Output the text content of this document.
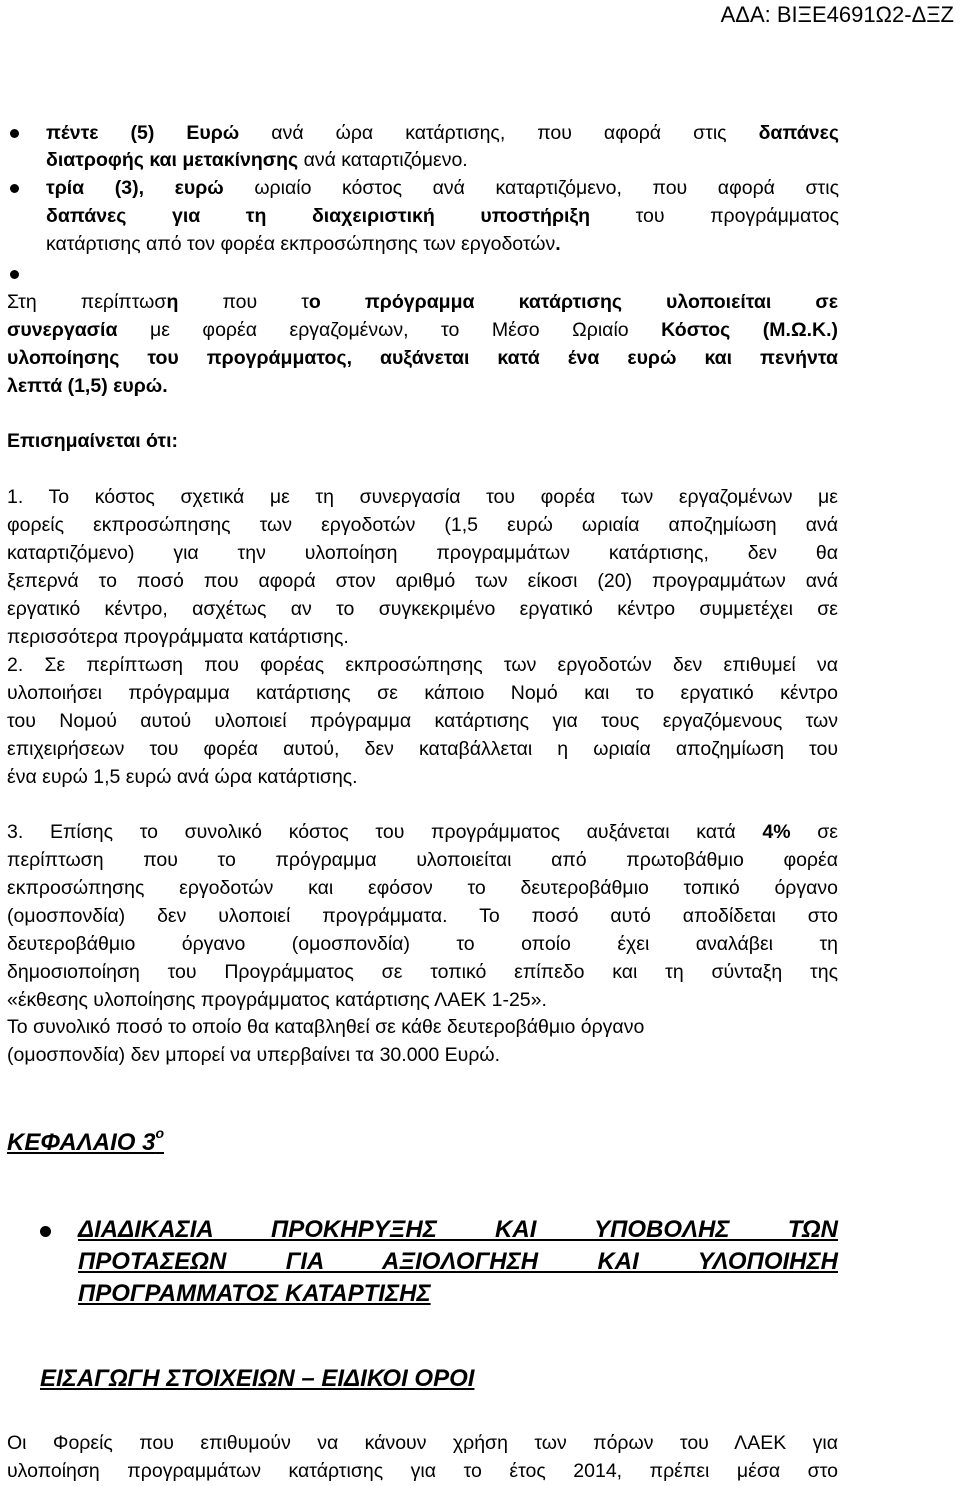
ΑΔΑ: ΒΙΞΕ4691Ω2-ΔΞΖ
πέντε (5) Ευρώ ανά ώρα κατάρτισης, που αφορά στις δαπάνες
διατροφής και μετακίνησης ανά καταρτιζόμενο.
τρία (3), ευρώ ωριαίο κόστος ανά καταρτιζόμενο, που αφορά στις
δαπάνες για τη διαχειριστική υποστήριξη του προγράμματος
κατάρτισης από τον φορέα εκπροσώπησης των εργοδοτών.
Στη περίπτωση που το πρόγραμμα κατάρτισης υλοποιείται σε
συνεργασία με φορέα εργαζομένων, το Μέσο Ωριαίο Κόστος (Μ.Ω.Κ.)
υλοποίησης του προγράμματος, αυξάνεται κατά ένα ευρώ και πενήντα
λεπτά (1,5) ευρώ.
Επισημαίνεται ότι:
1. Το κόστος σχετικά με τη συνεργασία του φορέα των εργαζομένων με
φορείς εκπροσώπησης των εργοδοτών (1,5 ευρώ ωριαία αποζημίωση ανά
καταρτιζόμενο) για την υλοποίηση προγραμμάτων κατάρτισης, δεν θα
ξεπερνά το ποσό που αφορά στον αριθμό των είκοσι (20) προγραμμάτων ανά
εργατικό κέντρο, ασχέτως αν το συγκεκριμένο εργατικό κέντρο συμμετέχει σε
περισσότερα προγράμματα κατάρτισης.
2. Σε περίπτωση που φορέας εκπροσώπησης των εργοδοτών δεν επιθυμεί να
υλοποιήσει πρόγραμμα κατάρτισης σε κάποιο Νομό και το εργατικό κέντρο
του Νομού αυτού υλοποιεί πρόγραμμα κατάρτισης για τους εργαζόμενους των
επιχειρήσεων του φορέα αυτού, δεν καταβάλλεται η ωριαία αποζημίωση του
ένα ευρώ 1,5 ευρώ ανά ώρα κατάρτισης.
3. Επίσης το συνολικό κόστος του προγράμματος αυξάνεται κατά 4% σε
περίπτωση που το πρόγραμμα υλοποιείται από πρωτοβάθμιο φορέα
εκπροσώπησης εργοδοτών και εφόσον το δευτεροβάθμιο τοπικό όργανο
(ομοσπονδία) δεν υλοποιεί προγράμματα. Το ποσό αυτό αποδίδεται στο
δευτεροβάθμιο όργανο (ομοσπονδία) το οποίο έχει αναλάβει τη
δημοσιοποίηση του Προγράμματος σε τοπικό επίπεδο και τη σύνταξη της
«έκθεσης υλοποίησης προγράμματος κατάρτισης ΛΑΕΚ 1-25».
Το συνολικό ποσό το οποίο θα καταβληθεί σε κάθε δευτεροβάθμιο όργανο
(ομοσπονδία) δεν μπορεί να υπερβαίνει τα 30.000 Ευρώ.
ΚΕΦΑΛΑΙΟ $3^o$
ΔΙΑΔΙΚΑΣΙΑ ΠΡΟΚΗΡΥΞΗΣ ΚΑΙ ΥΠΟΒΟΛΗΣ ΤΩΝ
ΠΡΟΤΑΣΕΩΝ ΓΙΑ ΑΞΙΟΛΟΓΗΣΗ ΚΑΙ ΥΛΟΠΟΙΗΣΗ
ΠΡΟΓΡΑΜΜΑΤΟΣ ΚΑΤΑΡΤΙΣΗΣ
ΕΙΣΑΓΩΓΗ ΣΤΟΙΧΕΙΩΝ – ΕΙΔΙΚΟΙ ΟΡΟΙ
Οι Φορείς που επιθυμούν να κάνουν χρήση των πόρων του ΛΑΕΚ για
υλοποίηση προγραμμάτων κατάρτισης για το έτος 2014, πρέπει μέσα στο
